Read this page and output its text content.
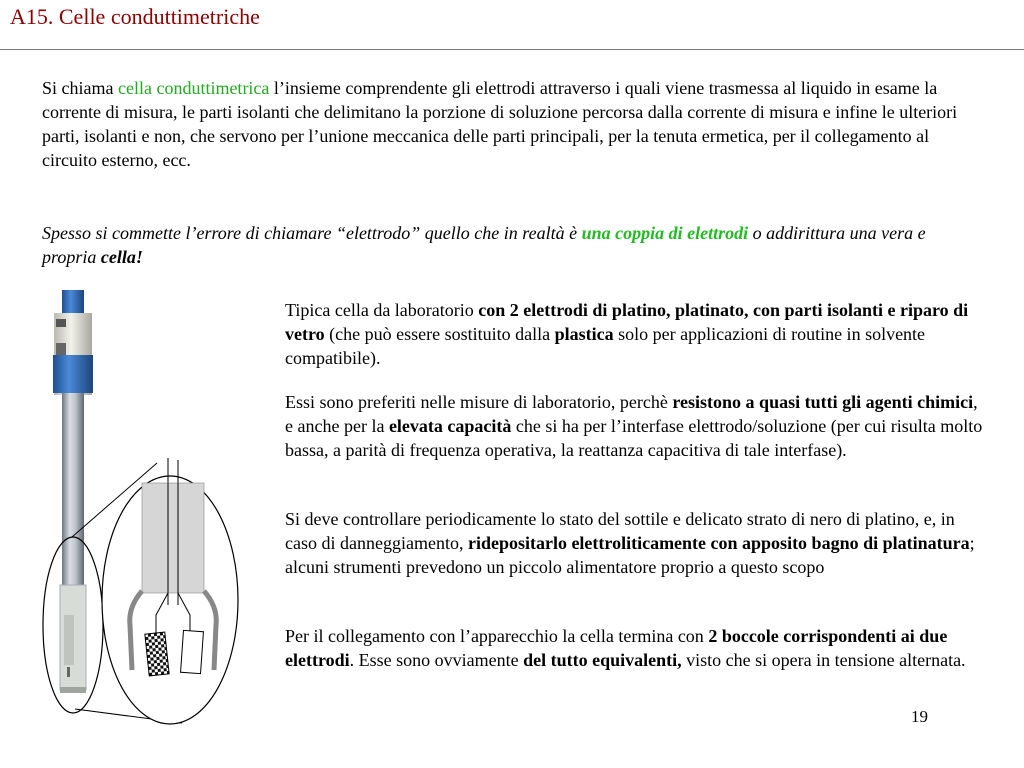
A15. Celle conduttimetriche
Si chiama cella conduttimetrica l’insieme comprendente gli elettrodi attraverso i quali viene trasmessa al liquido in esame la corrente di misura, le parti isolanti che delimitano la porzione di soluzione percorsa dalla corrente di misura e infine le ulteriori parti, isolanti e non, che servono per l’unione meccanica delle parti principali, per la tenuta ermetica, per il collegamento al circuito esterno, ecc.
Spesso si commette l’errore di chiamare “elettrodo” quello che in realtà è una coppia di elettrodi o addirittura una vera e propria cella!
Tipica cella da laboratorio con 2 elettrodi di platino, platinato, con parti isolanti e riparo di vetro (che può essere sostituito dalla plastica solo per applicazioni di routine in solvente compatibile).
Essi sono preferiti nelle misure di laboratorio, perchè resistono a quasi tutti gli agenti chimici, e anche per la elevata capacità che si ha per l’interfase elettrodo/soluzione (per cui risulta molto bassa, a parità di frequenza operativa, la reattanza capacitiva di tale interfase).
Si deve controllare periodicamente lo stato del sottile e delicato strato di nero di platino, e, in caso di danneggiamento, ridepositarlo elettroliticamente con apposito bagno di platinatura; alcuni strumenti prevedono un piccolo alimentatore proprio a questo scopo
Per il collegamento con l’apparecchio la cella termina con 2 boccole corrispondenti ai due elettrodi. Esse sono ovviamente del tutto equivalenti, visto che si opera in tensione alternata.
19
